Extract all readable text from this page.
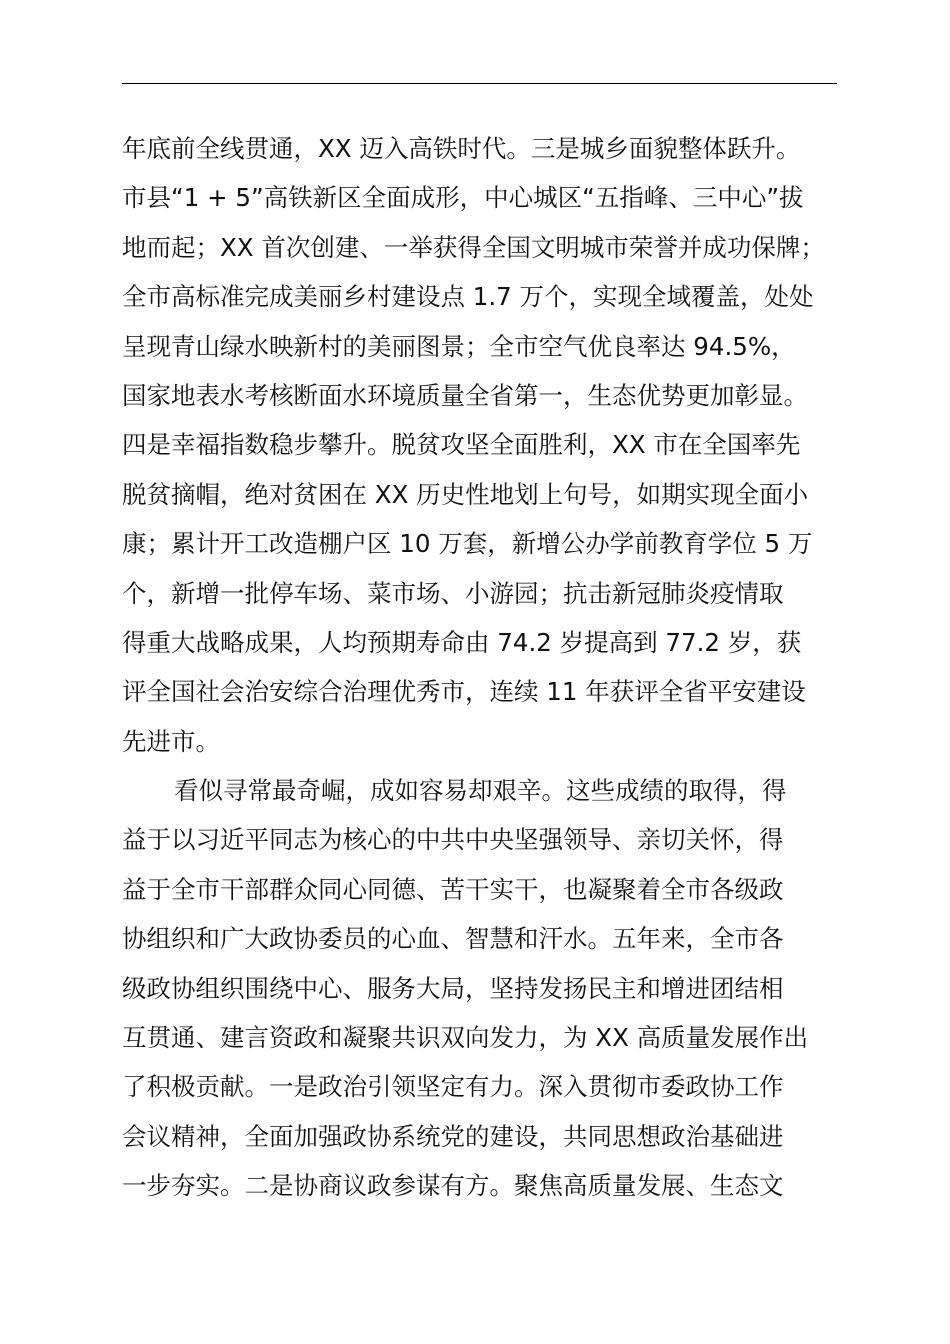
年底前全线贯通，XX 迈入高铁时代。三是城乡面貌整体跃升。
市县“1 + 5”高铁新区全面成形，中心城区“五指峰、三中心”拔
地而起；XX 首次创建、一举获得全国文明城市荣誉并成功保牌；
全市高标准完成美丽乡村建设点 1.7 万个，实现全域覆盖，处处
呈现青山绿水映新村的美丽图景；全市空气优良率达 94.5%，
国家地表水考核断面水环境质量全省第一，生态优势更加彰显。
四是幸福指数稳步攀升。脱贫攻坚全面胜利，XX 市在全国率先
脱贫摘帽，绝对贫困在 XX 历史性地划上句号，如期实现全面小
康；累计开工改造棚户区 10 万套，新增公办学前教育学位 5 万
个，新增一批停车场、菜市场、小游园；抗击新冠肺炎疫情取
得重大战略成果，人均预期寿命由 74.2 岁提高到 77.2 岁，获
评全国社会治安综合治理优秀市，连续 11 年获评全省平安建设
先进市。
看似寻常最奇崛，成如容易却艰辛。这些成绩的取得，得
益于以习近平同志为核心的中共中央坚强领导、亲切关怀，得
益于全市干部群众同心同德、苦干实干，也凝聚着全市各级政
协组织和广大政协委员的心血、智慧和汗水。五年来，全市各
级政协组织围绕中心、服务大局，坚持发扬民主和增进团结相
互贯通、建言资政和凝聚共识双向发力，为 XX 高质量发展作出
了积极贡献。一是政治引领坚定有力。深入贯彻市委政协工作
会议精神，全面加强政协系统党的建设，共同思想政治基础进
一步夯实。二是协商议政参谋有方。聚焦高质量发展、生态文
